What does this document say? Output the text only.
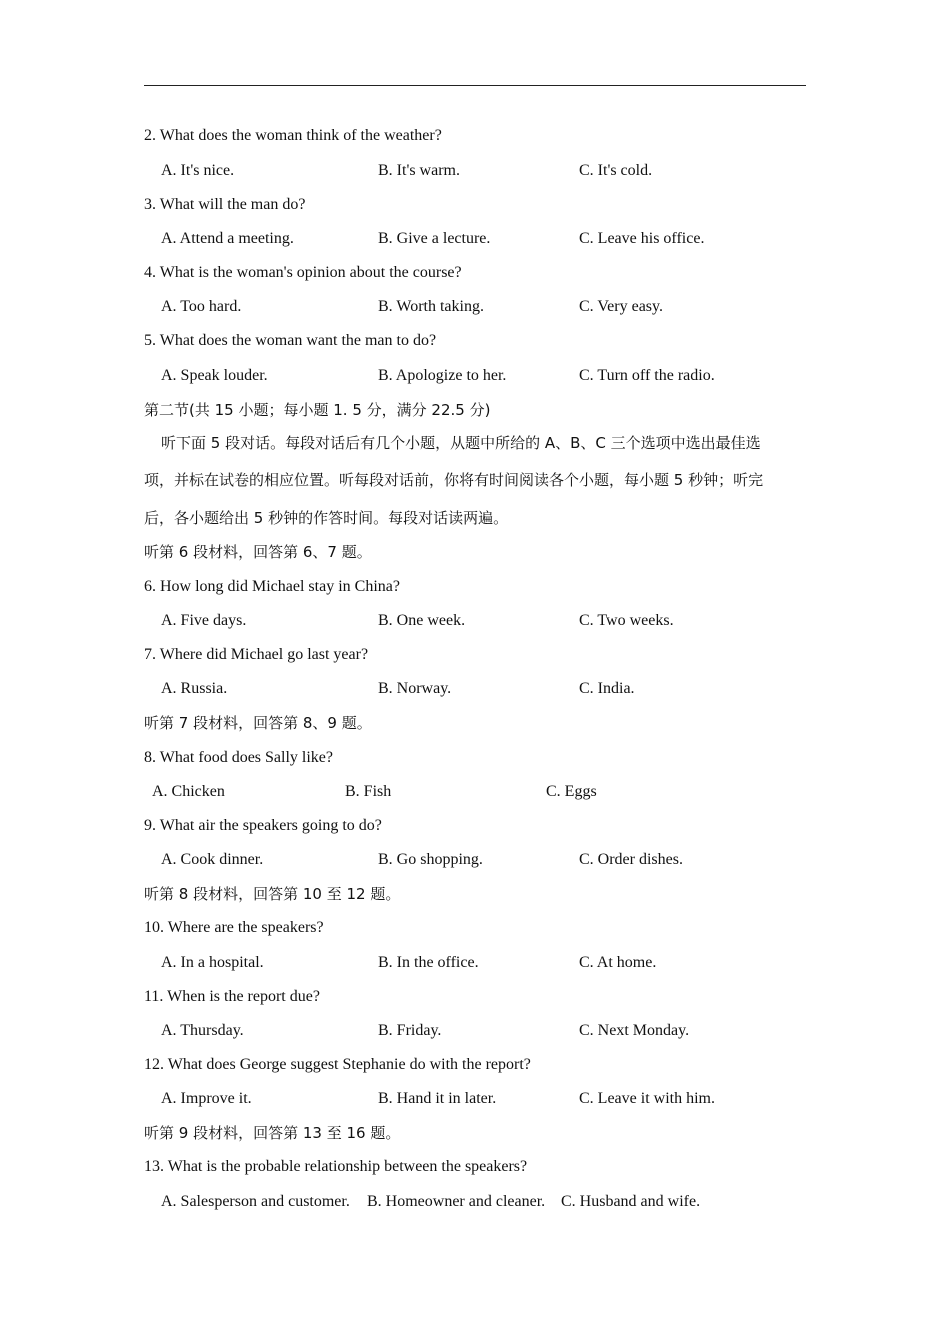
2. What does the woman think of the weather?
A. It's nice.	B. It's warm.	C. It's cold.
3. What will the man do?
A. Attend a meeting.	B. Give a lecture.	C. Leave his office.
4. What is the woman's opinion about the course?
A. Too hard.	B. Worth taking.	C. Very easy.
5. What does the woman want the man to do?
A. Speak louder.	B. Apologize to her.	C. Turn off the radio.
第二节(共 15 小题；每小题 1. 5 分，满分 22.5 分)
听下面 5 段对话。每段对话后有几个小题，从题中所给的 A、B、C 三个选项中选出最佳选
项，并标在试卷的相应位置。听每段对话前，你将有时间阅读各个小题，每小题 5 秒钟；听完
后，各小题给出 5 秒钟的作答时间。每段对话读两遍。
听第 6 段材料，回答第 6、7 题。
6. How long did Michael stay in China?
A. Five days.	B. One week.	C. Two weeks.
7. Where did Michael go last year?
A. Russia.	B. Norway.	C. India.
听第 7 段材料，回答第 8、9 题。
8. What food does Sally like?
A. Chicken	B. Fish	C. Eggs
9. What air the speakers going to do?
A. Cook dinner.	B. Go shopping.	C. Order dishes.
听第 8 段材料，回答第 10 至 12 题。
10. Where are the speakers?
A. In a hospital.	B. In the office.	C. At home.
11. When is the report due?
A. Thursday.	B. Friday.	C. Next Monday.
12. What does George suggest Stephanie do with the report?
A. Improve it.	B. Hand it in later.	C. Leave it with him.
听第 9 段材料，回答第 13 至 16 题。
13. What is the probable relationship between the speakers?
A. Salesperson and customer. B. Homeowner and cleaner. C. Husband and wife.
